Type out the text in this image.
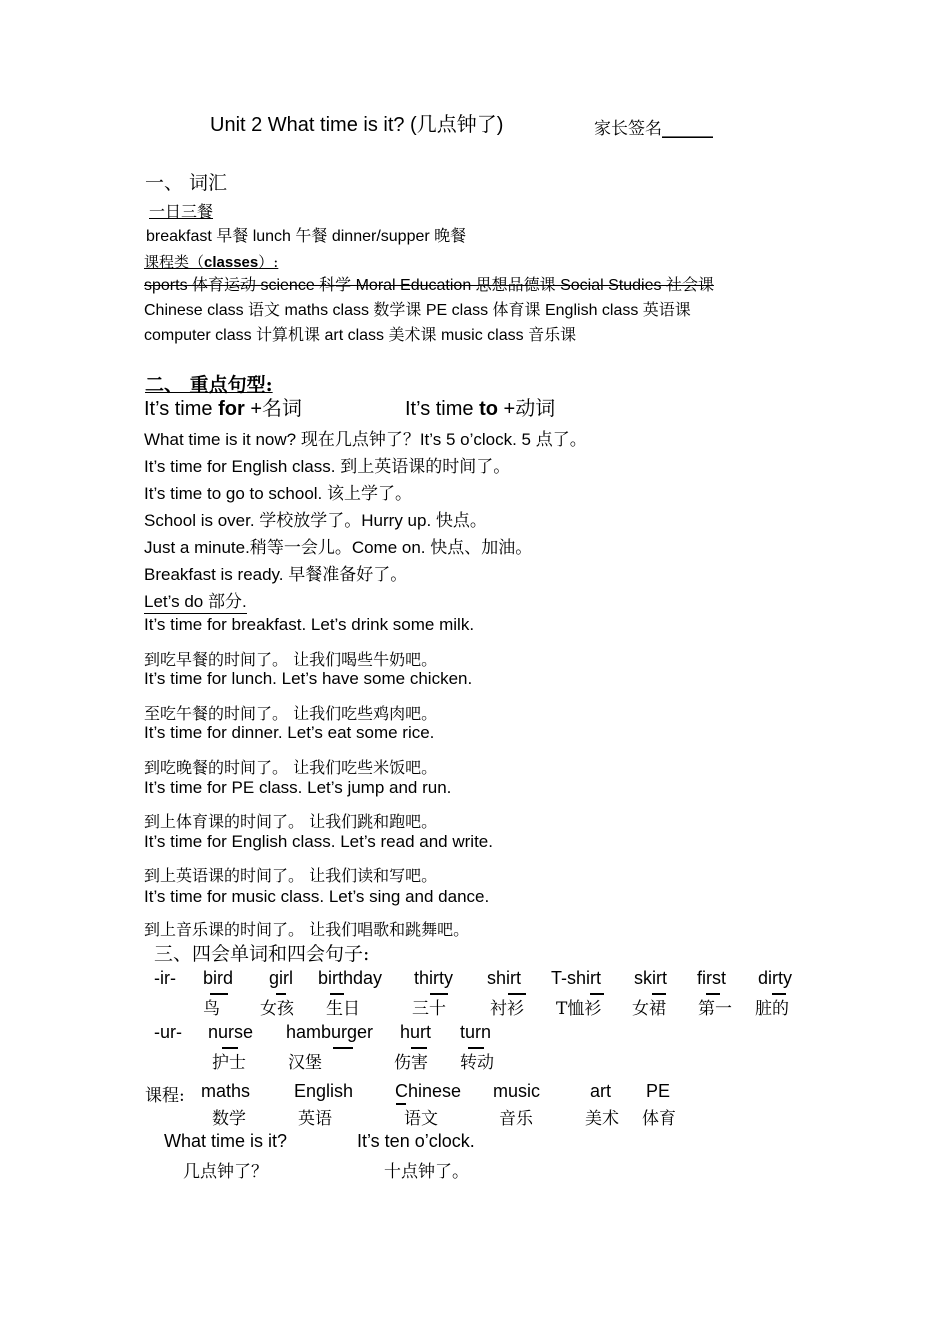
Unit 2 What time is it? (几点钟了)	家长签名______
一、 词汇
一日三餐
breakfast 早餐 lunch 午餐 dinner/supper 晚餐
课程类（classes）:
sports 体育运动 science 科学 Moral Education 思想品德课 Social Studies 社会课
Chinese class 语文 maths class 数学课 PE class 体育课 English class 英语课
computer class 计算机课 art class 美术课 music class 音乐课
二、 重点句型:
It’s time for +名词	It’s time to +动词
What time is it now? 现在几点钟了？It’s 5 o’clock. 5 点了。
It’s time for English class. 到上英语课的时间了。
It’s time to go to school. 该上学了。
School is over. 学校放学了。Hurry up. 快点。
Just a minute.稍等一会儿。Come on. 快点、加油。
Breakfast is ready. 早餐准备好了。
Let’s do 部分.
It’s time for breakfast. Let’s drink some milk.
到吃早餐的时间了。 让我们喝些牛奶吧。
It’s time for lunch. Let’s have some chicken.
至吃午餐的时间了。 让我们吃些鸡肉吧。
It’s time for dinner. Let’s eat some rice.
到吃晚餐的时间了。 让我们吃些米饭吧。
It’s time for PE class. Let’s jump and run.
到上体育课的时间了。 让我们跳和跑吧。
It’s time for English class. Let’s read and write.
到上英语课的时间了。 让我们读和写吧。
It’s time for music class. Let’s sing and dance.
到上音乐课的时间了。 让我们唱歌和跳舞吧。
三、四会单词和四会句子:
-ir- bird girl birthday thirty shirt T-shirt skirt first dirty
鸟 女孩 生日	三十	衬衫 T恤衫 女裙 第一 脏的
-ur- nurse hamburger hurt turn
护士 汉堡	伤害 转动
课程: maths English Chinese music	art PE
数学	英语	语文	音乐	美术 体育
What time is it?	It’s ten o’clock.
几点钟了？	十点钟了。
